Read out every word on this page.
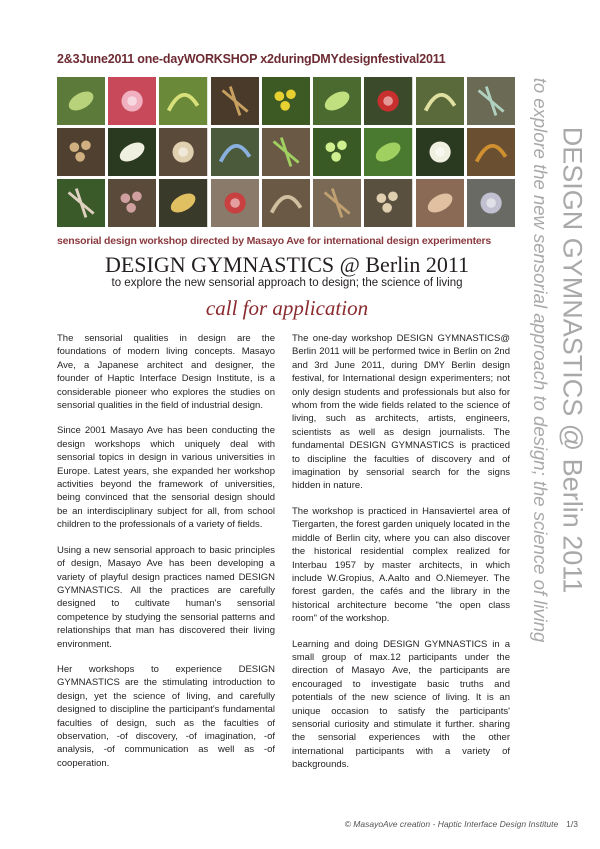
2&3June2011 one-dayWORKSHOP x2duringDMYdesignfestival2011
sensorial design workshop directed by Masayo Ave for international design experimenters
DESIGN GYMNASTICS @ Berlin 2011
to explore the new sensorial approach to design; the science of living
call for application

The sensorial qualities in design are the foundations of modern living concepts. Masayo Ave, a Japanese architect and designer, the founder of Haptic Interface Design Institute, is a considerable pioneer who explores the studies on sensorial qualities in the field of industrial design.

Since 2001 Masayo Ave has been conducting the design workshops which uniquely deal with sensorial topics in design in various universities in Europe. Latest years, she expanded her workshop activities beyond the framework of universities, being convinced that the sensorial design should be an interdisciplinary subject for all, from school children to the professionals of a variety of fields.

Using a new sensorial approach to basic principles of design, Masayo Ave has been developing a variety of playful design practices named DESIGN GYMNASTICS. All the practices are carefully designed to cultivate human's sensorial competence by studying the sensorial patterns and relationships that man has discovered their living environment.

Her workshops to experience DESIGN GYMNASTICS are the stimulating introduction to design, yet the science of living, and carefully designed to discipline the participant's fundamental faculties of design, such as the faculties of observation, -of discovery, -of imagination, -of analysis, -of communication as well as -of cooperation.

The one-day workshop DESIGN GYMNASTICS@ Berlin 2011 will be performed twice in Berlin on 2nd and 3rd June 2011, during DMY Berlin design festival, for International design experimenters; not only design students and professionals but also for whom from the wide fields related to the science of living, such as architects, artists, engineers, scientists as well as design journalists. The fundamental DESIGN GYMNASTICS is practiced to discipline the faculties of discovery and of imagination by sensorial search for the signs hidden in nature.

The workshop is practiced in Hansaviertel area of Tiergarten, the forest garden uniquely located in the middle of Berlin city, where you can also discover the historical residential complex realized for Interbau 1957 by master architects, in which include W.Gropius, A.Aalto and O.Niemeyer. The forest garden, the cafés and the library in the historical architecture become "the open class room" of the workshop.

Learning and doing DESIGN GYMNASTICS in a small group of max.12 participants under the direction of Masayo Ave, the participants are encouraged to investigate basic truths and potentials of the new science of living. It is an unique occasion to satisfy the participants' sensorial curiosity and stimulate it further. sharing the sensorial experiences with the other international participants with a variety of backgrounds.

DESIGN GYMNASTICS @ Berlin 2011
to explore the new sensorial approach to design; the science of living
© MasayoAve creation - Haptic Interface Design Institute 1/3
